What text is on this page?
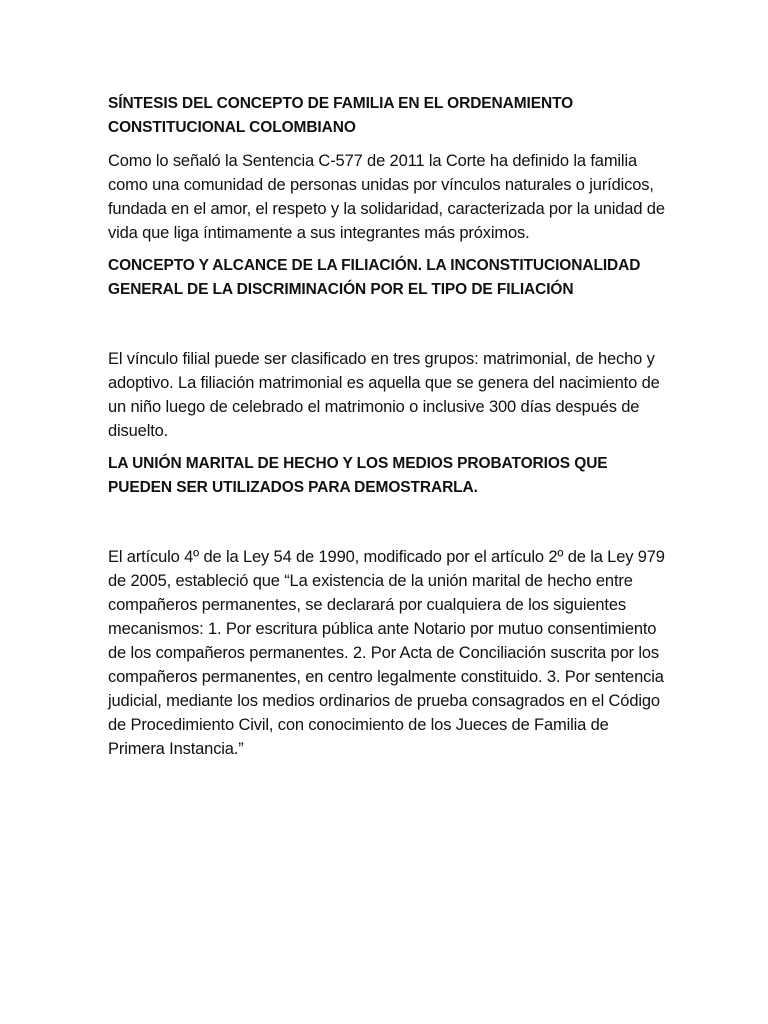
SÍNTESIS DEL CONCEPTO DE FAMILIA EN EL ORDENAMIENTO CONSTITUCIONAL COLOMBIANO
Como lo señaló la Sentencia C-577 de 2011 la Corte ha definido la familia como una comunidad de personas unidas por vínculos naturales o jurídicos, fundada en el amor, el respeto y la solidaridad, caracterizada por la unidad de vida que liga íntimamente a sus integrantes más próximos.
CONCEPTO Y ALCANCE DE LA FILIACIÓN. LA INCONSTITUCIONALIDAD GENERAL DE LA DISCRIMINACIÓN POR EL TIPO DE FILIACIÓN
El vínculo filial puede ser clasificado en tres grupos: matrimonial, de hecho y adoptivo. La filiación matrimonial es aquella que se genera del nacimiento de un niño luego de celebrado el matrimonio o inclusive 300 días después de disuelto.
LA UNIÓN MARITAL DE HECHO Y LOS MEDIOS PROBATORIOS QUE PUEDEN SER UTILIZADOS PARA DEMOSTRARLA.
El artículo 4º de la Ley 54 de 1990, modificado por el artículo 2º de la Ley 979 de 2005, estableció que “La existencia de la unión marital de hecho entre compañeros permanentes, se declarará por cualquiera de los siguientes mecanismos: 1. Por escritura pública ante Notario por mutuo consentimiento de los compañeros permanentes. 2. Por Acta de Conciliación suscrita por los compañeros permanentes, en centro legalmente constituido. 3. Por sentencia judicial, mediante los medios ordinarios de prueba consagrados en el Código de Procedimiento Civil, con conocimiento de los Jueces de Familia de Primera Instancia.”
